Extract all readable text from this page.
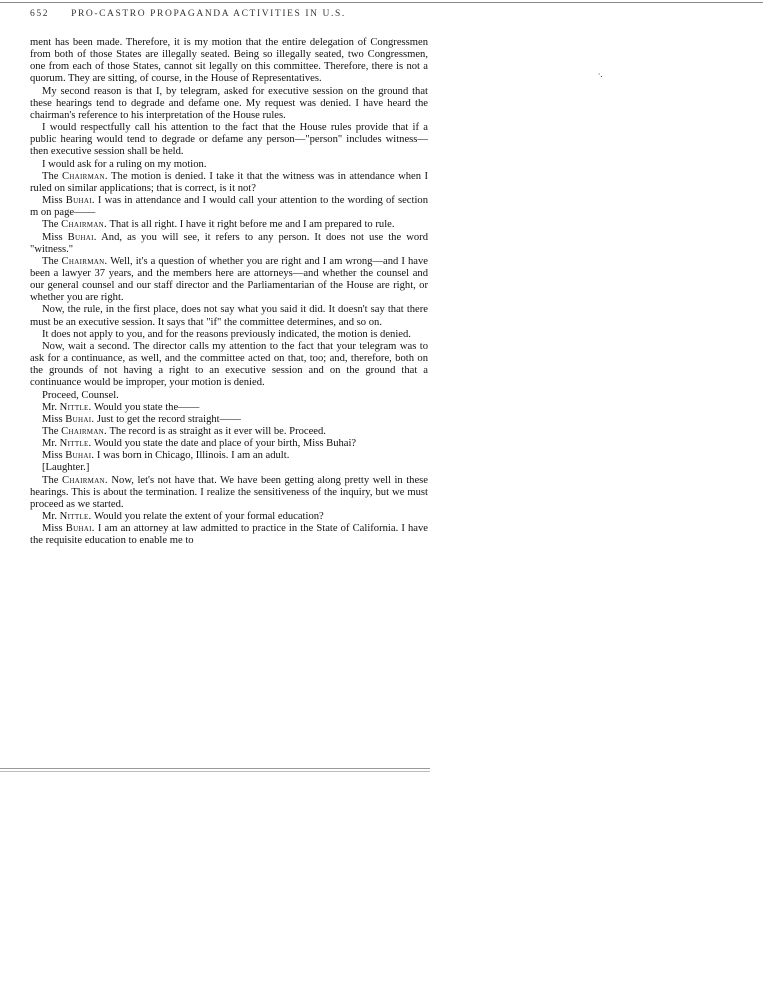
652 PRO-CASTRO PROPAGANDA ACTIVITIES IN U.S.
∙.

ment has been made. Therefore, it is my motion that the entire delegation of Congressmen from both of those States are illegally seated. Being so illegally seated, two Congressmen, one from each of those States, cannot sit legally on this committee. Therefore, there is not a quorum. They are sitting, of course, in the House of Representatives.

My second reason is that I, by telegram, asked for executive session on the ground that these hearings tend to degrade and defame one. My request was denied. I have heard the chairman's reference to his interpretation of the House rules.

I would respectfully call his attention to the fact that the House rules provide that if a public hearing would tend to degrade or defame any person—"person" includes witness—then executive session shall be held.

I would ask for a ruling on my motion.

The Chairman. The motion is denied. I take it that the witness was in attendance when I ruled on similar applications; that is correct, is it not?

Miss Buhai. I was in attendance and I would call your attention to the wording of section m on page——

The Chairman. That is all right. I have it right before me and I am prepared to rule.

Miss Buhai. And, as you will see, it refers to any person. It does not use the word "witness."

The Chairman. Well, it's a question of whether you are right and I am wrong—and I have been a lawyer 37 years, and the members here are attorneys—and whether the counsel and our general counsel and our staff director and the Parliamentarian of the House are right, or whether you are right.

Now, the rule, in the first place, does not say what you said it did. It doesn't say that there must be an executive session. It says that "if" the committee determines, and so on.

It does not apply to you, and for the reasons previously indicated, the motion is denied.

Now, wait a second. The director calls my attention to the fact that your telegram was to ask for a continuance, as well, and the committee acted on that, too; and, therefore, both on the grounds of not having a right to an executive session and on the ground that a continuance would be improper, your motion is denied.

Proceed, Counsel.

Mr. Nittle. Would you state the——

Miss Buhai. Just to get the record straight——

The Chairman. The record is as straight as it ever will be. Proceed.

Mr. Nittle. Would you state the date and place of your birth, Miss Buhai?

Miss Buhai. I was born in Chicago, Illinois. I am an adult.

[Laughter.]

The Chairman. Now, let's not have that. We have been getting along pretty well in these hearings. This is about the termination. I realize the sensitiveness of the inquiry, but we must proceed as we started.

Mr. Nittle. Would you relate the extent of your formal education?

Miss Buhai. I am an attorney at law admitted to practice in the State of California. I have the requisite education to enable me to
